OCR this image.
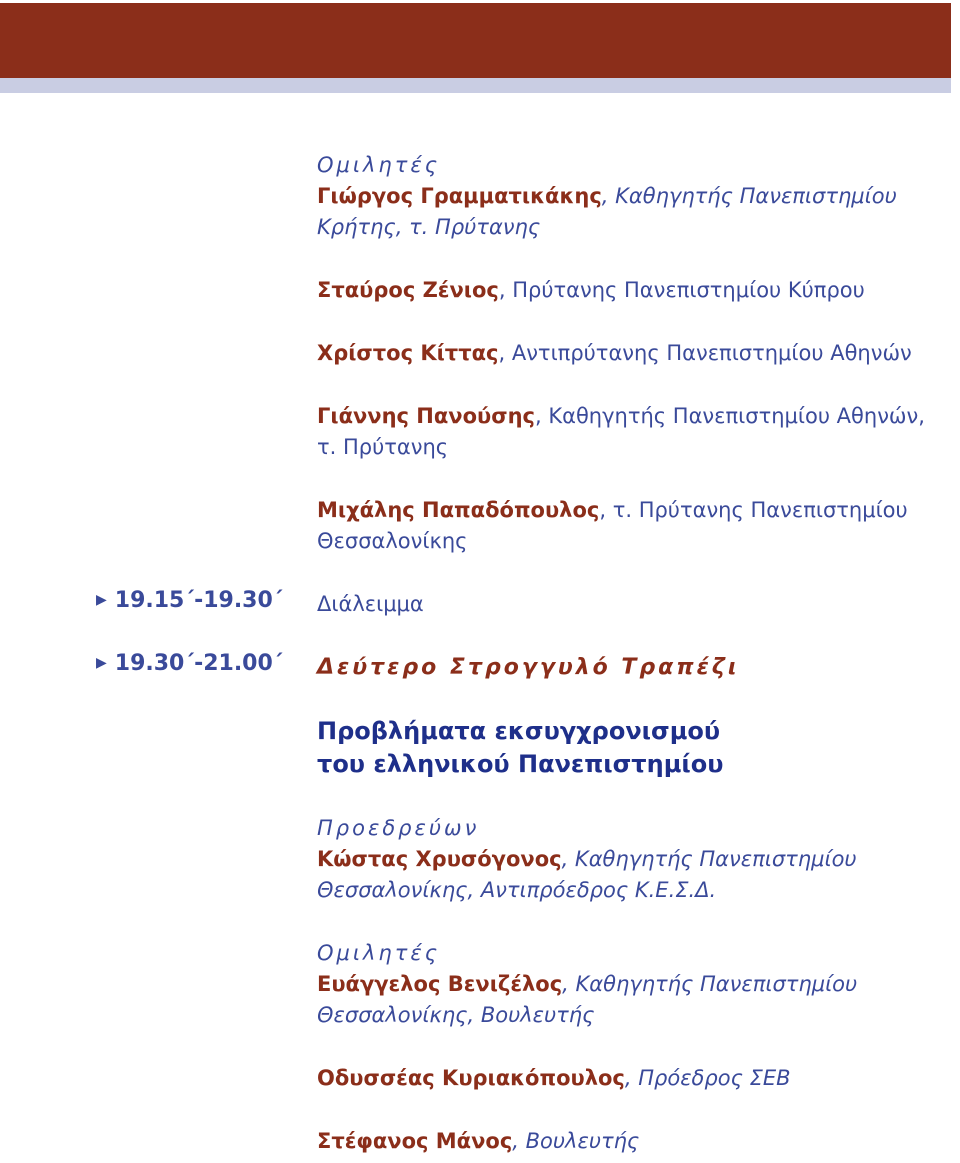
▶ 19.15΄-19.30΄
▶ 19.30΄-21.00΄
Ομιλητές
Γιώργος Γραμματικάκης, Καθηγητής Πανεπιστημίου Κρήτης, τ. Πρύτανης
Σταύρος Ζένιος, Πρύτανης Πανεπιστημίου Κύπρου
Χρίστος Κίττας, Αντιπρύτανης Πανεπιστημίου Αθηνών
Γιάννης Πανούσης, Καθηγητής Πανεπιστημίου Αθηνών, τ. Πρύτανης
Μιχάλης Παπαδόπουλος, τ. Πρύτανης Πανεπιστημίου Θεσσαλονίκης
Διάλειμμα
Δεύτερο Στρογγυλό Τραπέζι
Προβλήματα εκσυγχρονισμού
του ελληνικού Πανεπιστημίου
Προεδρεύων
Κώστας Χρυσόγονος, Καθηγητής Πανεπιστημίου Θεσσαλονίκης, Αντιπρόεδρος Κ.Ε.Σ.Δ.
Ομιλητές
Ευάγγελος Βενιζέλος, Καθηγητής Πανεπιστημίου Θεσσαλονίκης, Βουλευτής
Οδυσσέας Κυριακόπουλος, Πρόεδρος ΣΕΒ
Στέφανος Μάνος, Βουλευτής
